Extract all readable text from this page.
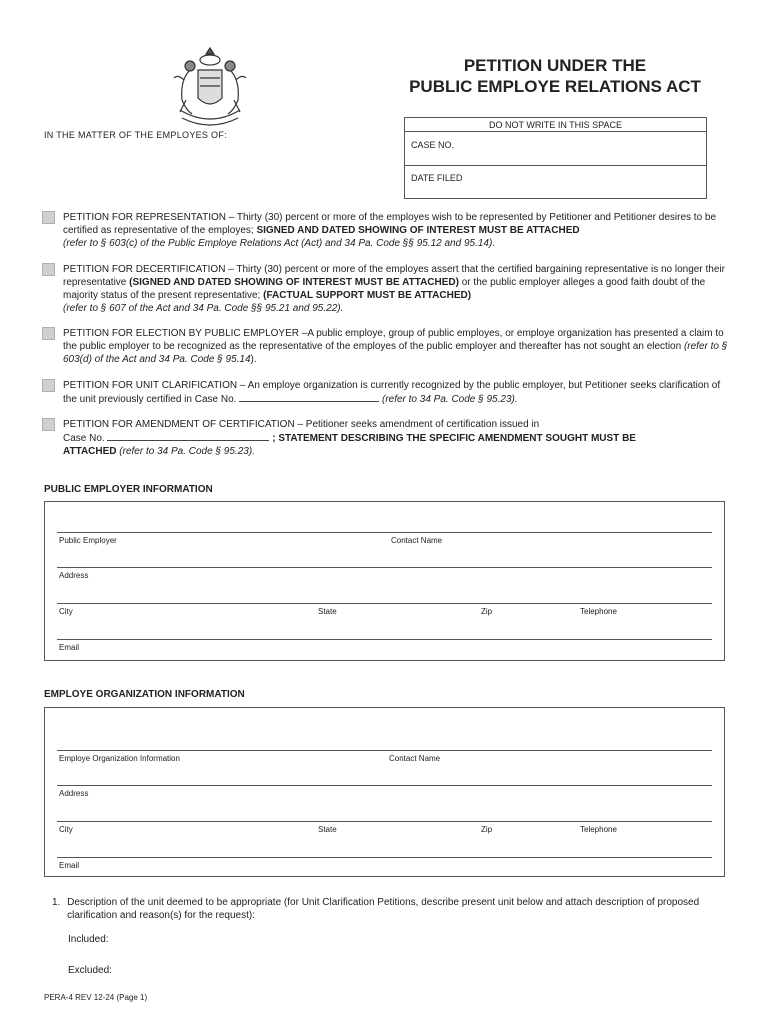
PETITION UNDER THE
PUBLIC EMPLOYE RELATIONS ACT
IN THE MATTER OF THE EMPLOYES OF:
DO NOT WRITE IN THIS SPACE
CASE NO.
DATE FILED
PETITION FOR REPRESENTATION – Thirty (30) percent or more of the employes wish to be represented by Petitioner and Petitioner desires to be certified as representative of the employes; SIGNED AND DATED SHOWING OF INTEREST MUST BE ATTACHED
(refer to § 603(c) of the Public Employe Relations Act (Act) and 34 Pa. Code §§ 95.12 and 95.14).
PETITION FOR DECERTIFICATION – Thirty (30) percent or more of the employes assert that the certified bargaining representative is no longer their representative (SIGNED AND DATED SHOWING OF INTEREST MUST BE ATTACHED) or the public employer alleges a good faith doubt of the majority status of the present representative; (FACTUAL SUPPORT MUST BE ATTACHED)
(refer to § 607 of the Act and 34 Pa. Code §§ 95.21 and 95.22).
PETITION FOR ELECTION BY PUBLIC EMPLOYER –A public employe, group of public employes, or employe organization has presented a claim to the public employer to be recognized as the representative of the employes of the public employer and thereafter has not sought an election (refer to § 603(d) of the Act and 34 Pa. Code § 95.14).
PETITION FOR UNIT CLARIFICATION – An employe organization is currently recognized by the public employer, but Petitioner seeks clarification of the unit previously certified in Case No.	(refer to 34 Pa. Code § 95.23).
PETITION FOR AMENDMENT OF CERTIFICATION – Petitioner seeks amendment of certification issued in
Case No.	; STATEMENT DESCRIBING THE SPECIFIC AMENDMENT SOUGHT MUST BE
ATTACHED (refer to 34 Pa. Code § 95.23).
PUBLIC EMPLOYER INFORMATION
Public Employer	Contact Name
Address
City	State	Zip	Telephone
Email
EMPLOYE ORGANIZATION INFORMATION
Employe Organization Information	Contact Name
Address
City	State	Zip	Telephone
Email
1. Description of the unit deemed to be appropriate (for Unit Clarification Petitions, describe present unit below and attach description of proposed clarification and reason(s) for the request):
Included:
Excluded:
PERA-4 REV 12-24 (Page 1)
